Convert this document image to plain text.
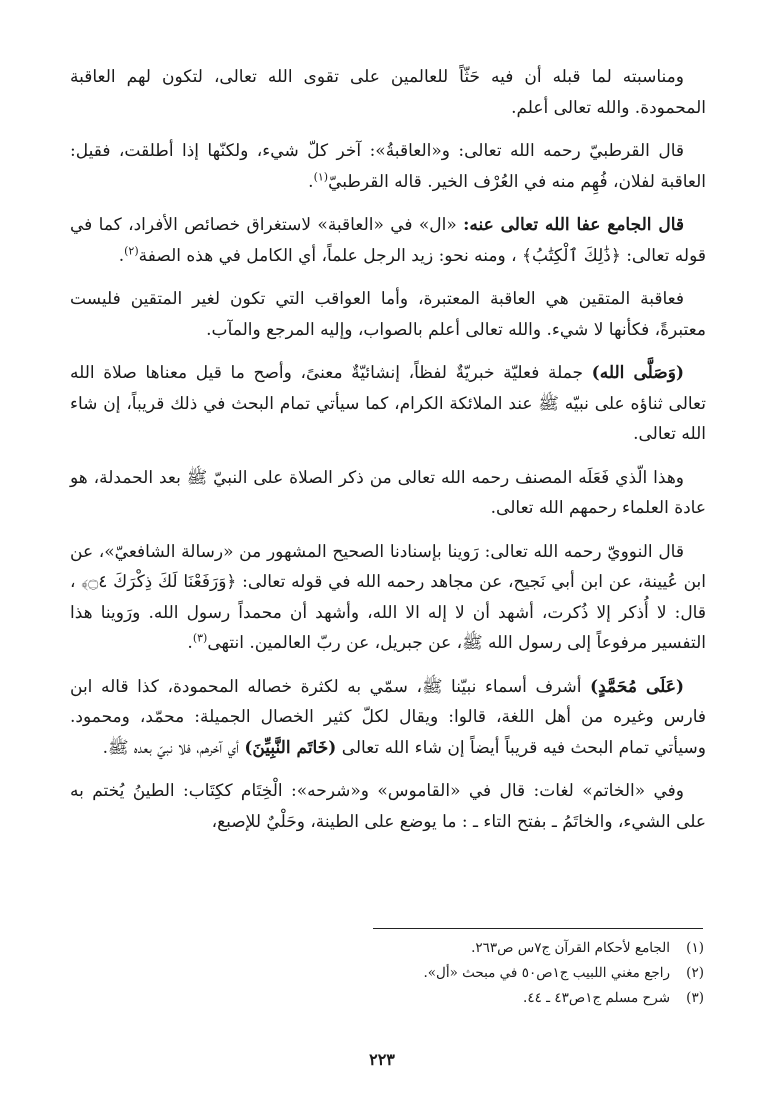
ومناسبته لما قبله أن فيه حَثّاً للعالمين على تقوى الله تعالى، لتكون لهم العاقبة المحمودة. والله تعالى أعلم.

قال القرطبيّ رحمه الله تعالى: و«العاقبةُ»: آخر كلّ شيء، ولكنّها إذا أطلقت، فقيل: العاقبة لفلان، فُهِم منه في العُرْف الخير. قاله القرطبيّ$^{(١)}$.

قال الجامع عفا الله تعالى عنه: «ال» في «العاقبة» لاستغراق خصائص الأفراد، كما في قوله تعالى: ﴿ذَٰلِكَ ٱلْكِتَٰبُ﴾ ، ومنه نحو: زيد الرجل علماً، أي الكامل في هذه الصفة$^{(٢)}$.

فعاقبة المتقين هي العاقبة المعتبرة، وأما العواقب التي تكون لغير المتقين فليست معتبرةً، فكأنها لا شيء. والله تعالى أعلم بالصواب، وإليه المرجع والمآب.

(وَصَلَّى الله) جملة فعليّة خبريّةٌ لفظاً، إنشائيّةٌ معنىً، وأصح ما قيل معناها صلاة الله تعالى ثناؤه على نبيّه ﷺ عند الملائكة الكرام، كما سيأتي تمام البحث في ذلك قريباً، إن شاء الله تعالى.

وهذا الّذي فَعَلَه المصنف رحمه الله تعالى من ذكر الصلاة على النبيّ ﷺ بعد الحمدلة، هو عادة العلماء رحمهم الله تعالى.

قال النوويّ رحمه الله تعالى: رَوينا بإسنادنا الصحيح المشهور من «رسالة الشافعيّ»، عن ابن عُيينة، عن ابن أبي نَجيح، عن مجاهد رحمه الله في قوله تعالى: ﴿وَرَفَعْنَا لَكَ ذِكْرَكَ ۝٤﴾ ، قال: لا أُذكر إلا ذُكرت، أشهد أن لا إله الا الله، وأشهد أن محمداً رسول الله. ورَوينا هذا التفسير مرفوعاً إلى رسول الله ﷺ، عن جبريل، عن ربّ العالمين. انتهى$^{(٣)}$.

(عَلَى مُحَمَّدٍ) أشرف أسماء نبيّنا ﷺ، سمّي به لكثرة خصاله المحمودة، كذا قاله ابن فارس وغيره من أهل اللغة، قالوا: ويقال لكلّ كثير الخصال الجميلة: محمّد، ومحمود. وسيأتي تمام البحث فيه قريباً أيضاً إن شاء الله تعالى (خَاتَم النَّبِيِّنَ) أي آخرهم، فلا نبيّ بعده ﷺ.

وفي «الخاتم» لغات: قال في «القاموس» و«شرحه»: الْخِتَام ككِتَاب: الطينُ يُختم به على الشيء، والخاتَمُ ـ بفتح التاء ـ : ما يوضع على الطينة، وحَلْيٌ للإصبع،

(١)الجامع لأحكام القرآن ج٧س ص٢٦٣.

(٢)راجع مغني اللبيب ج١ص٥٠ في مبحث «أل».

(٣)شرح مسلم ج١ص٤٣ ـ ٤٤.

٢٢٣
